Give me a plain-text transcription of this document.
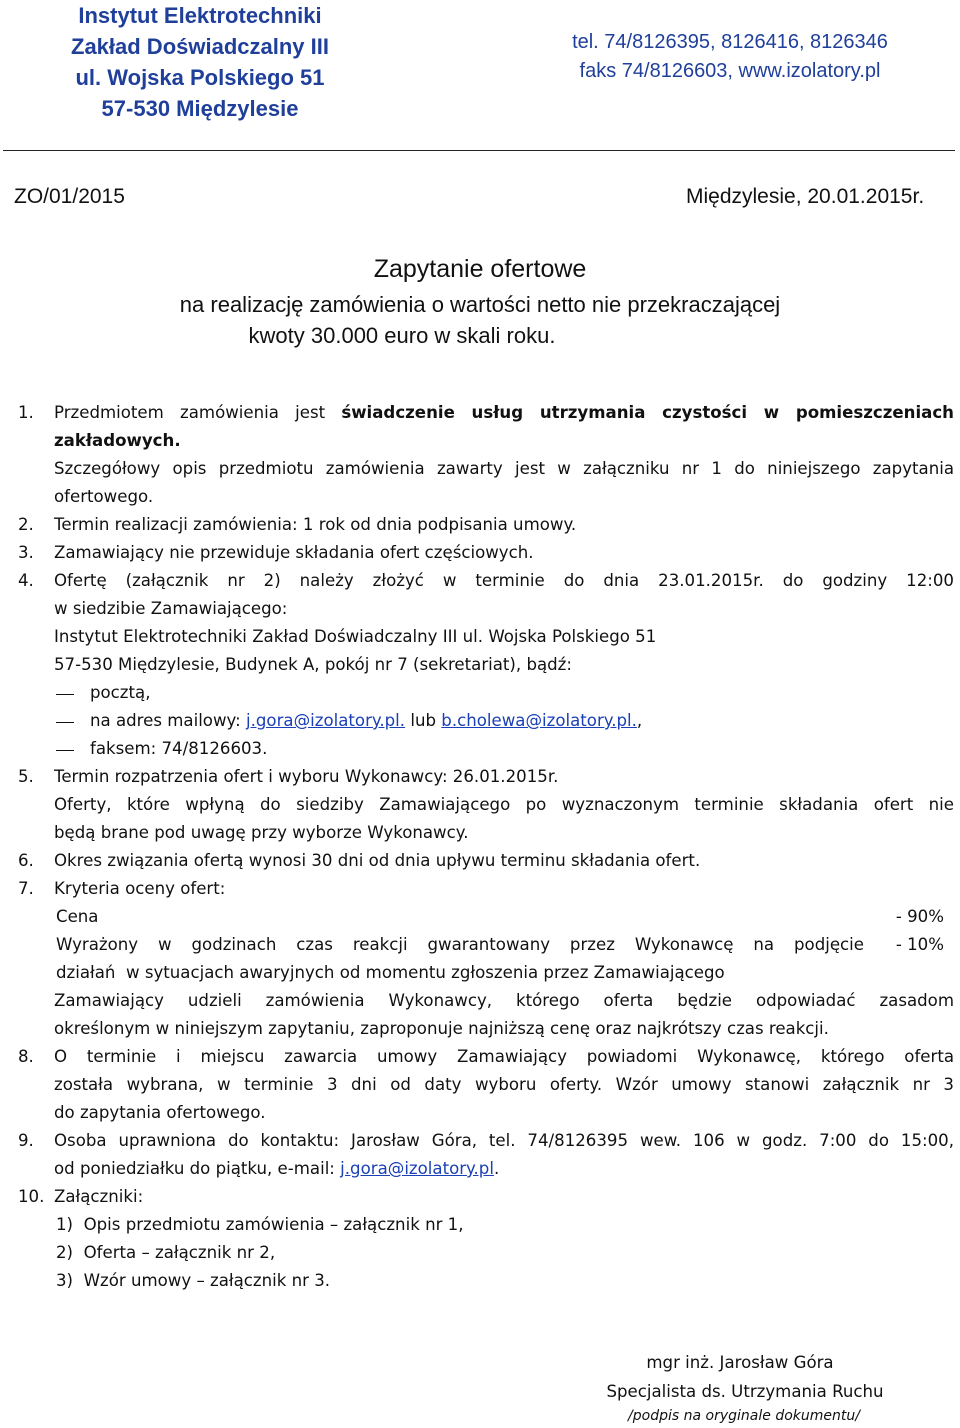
Instytut Elektrotechniki
Zakład Doświadczalny III
ul. Wojska Polskiego 51
57-530 Międzylesie
tel. 74/8126395, 8126416, 8126346
faks 74/8126603, www.izolatory.pl
ZO/01/2015	Międzylesie, 20.01.2015r.
Zapytanie ofertowe
na realizację zamówienia o wartości netto nie przekraczającej
kwoty 30.000 euro w skali roku.
1.	Przedmiotem zamówienia jest świadczenie usług utrzymania czystości w pomieszczeniach
zakładowych.
Szczegółowy opis przedmiotu zamówienia zawarty jest w załączniku nr 1 do niniejszego zapytania
ofertowego.
2.	Termin realizacji zamówienia: 1 rok od dnia podpisania umowy.
3.	Zamawiający nie przewiduje składania ofert częściowych.
4.	Ofertę (załącznik nr 2) należy złożyć w terminie do dnia 23.01.2015r. do godziny 12:00
w siedzibie Zamawiającego:
Instytut Elektrotechniki Zakład Doświadczalny III ul. Wojska Polskiego 51
57-530 Międzylesie, Budynek A, pokój nr 7 (sekretariat), bądź:
pocztą,
na adres mailowy: j.gora@izolatory.pl. lub b.cholewa@izolatory.pl.,
faksem: 74/8126603.
5.	Termin rozpatrzenia ofert i wyboru Wykonawcy: 26.01.2015r.
Oferty, które wpłyną do siedziby Zamawiającego po wyznaczonym terminie składania ofert nie
będą brane pod uwagę przy wyborze Wykonawcy.
6.	Okres związania ofertą wynosi 30 dni od dnia upływu terminu składania ofert.
7.	Kryteria oceny ofert:
Cena	- 90%
Wyrażony w godzinach czas reakcji gwarantowany przez Wykonawcę na podjęcie	- 10%
działań  w sytuacjach awaryjnych od momentu zgłoszenia przez Zamawiającego
Zamawiający udzieli zamówienia Wykonawcy, którego oferta będzie odpowiadać zasadom
określonym w niniejszym zapytaniu, zaproponuje najniższą cenę oraz najkrótszy czas reakcji.
8.	O terminie i miejscu zawarcia umowy Zamawiający powiadomi Wykonawcę, którego oferta
została wybrana, w terminie 3 dni od daty wyboru oferty. Wzór umowy stanowi załącznik nr 3
do zapytania ofertowego.
9.	Osoba uprawniona do kontaktu: Jarosław Góra, tel. 74/8126395 wew. 106 w godz. 7:00 do 15:00,
od poniedziałku do piątku, e-mail: j.gora@izolatory.pl.
10. Załączniki:
1)  Opis przedmiotu zamówienia – załącznik nr 1,
2)  Oferta – załącznik nr 2,
3)  Wzór umowy – załącznik nr 3.
mgr inż. Jarosław Góra
Specjalista ds. Utrzymania Ruchu
/podpis na oryginale dokumentu/
